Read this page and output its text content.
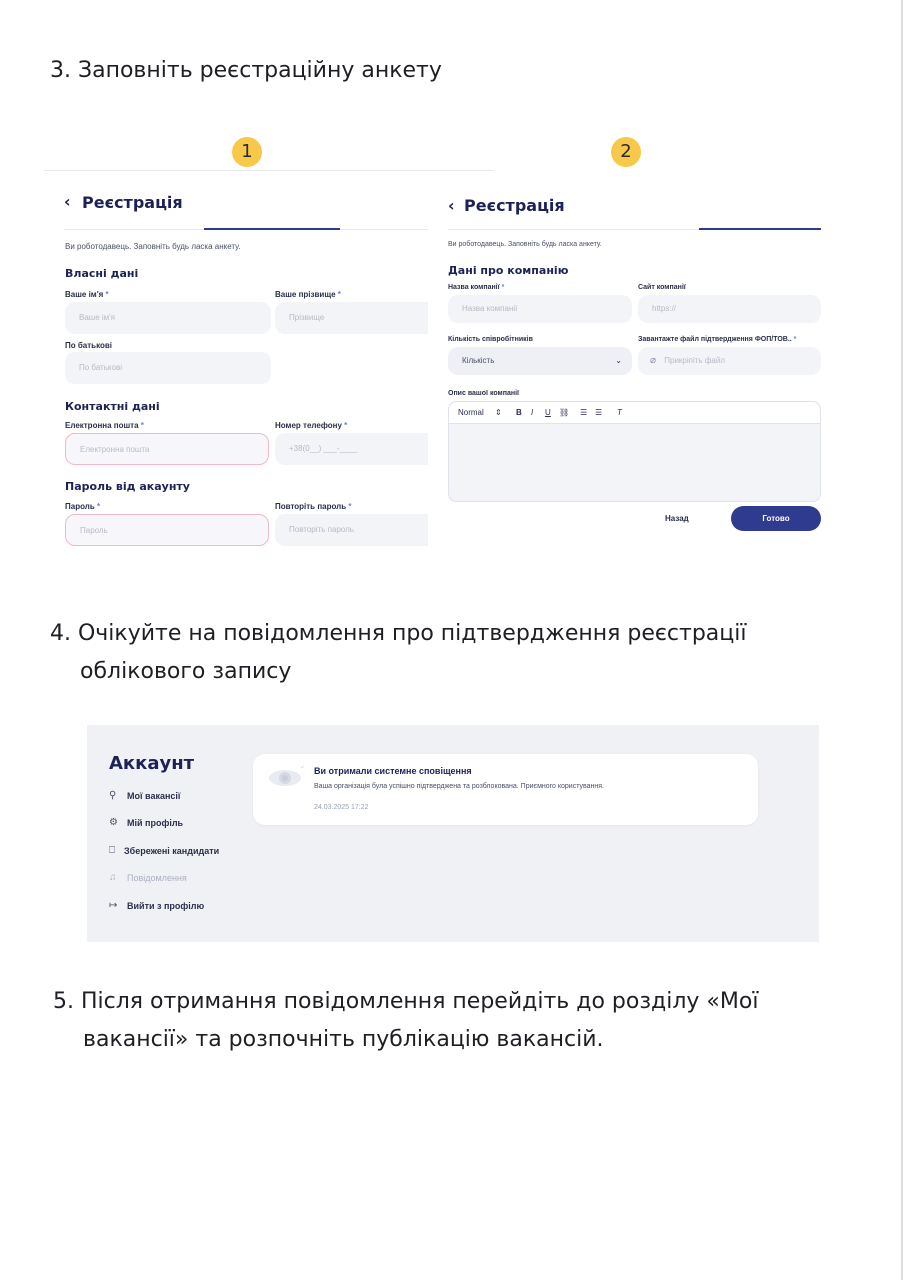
3. Заповніть реєстраційну анкету
1	2
‹ Реєстрація
Ви роботодавець. Заповніть будь ласка анкету.
Власні дані
Ваше ім'я *
Ваше ім'я
Ваше прізвище *
Прізвище
По батькові
По батькові
Контактні дані
Електронна пошта *
Електронна пошта
Номер телефону *
+38(0__) ___-____
Пароль від акаунту
Пароль *
Пароль
Повторіть пароль *
Повторіть пароль
‹ Реєстрація
Ви роботодавець. Заповніть будь ласка анкету.
Дані про компанію
Назва компанії *
Назва компанії
Сайт компанії
https://
Кількість співробітників
Кількість	⌄
Завантажте файл підтвердження ФОП/ТОВ.. *
⌀ Прикріпіть файл
Опис вашої компанії
Normal ⇕ B I U ⛓ ☰ ☰ T
Назад	Готово
4. Очікуйте на повідомлення про підтвердження реєстрації
облікового запису
Аккаунт
⚲ Мої вакансії
⚙ Мій профіль
⎕ Збережені кандидати
♫ Повідомлення
↦ Вийти з профілю
Ви отримали системне сповіщення
Ваша організація була успішно підтверджена та розблокована. Приємного користування.
24.03.2025 17:22
5. Після отримання повідомлення перейдіть до розділу «Мої
вакансії» та розпочніть публікацію вакансій.
